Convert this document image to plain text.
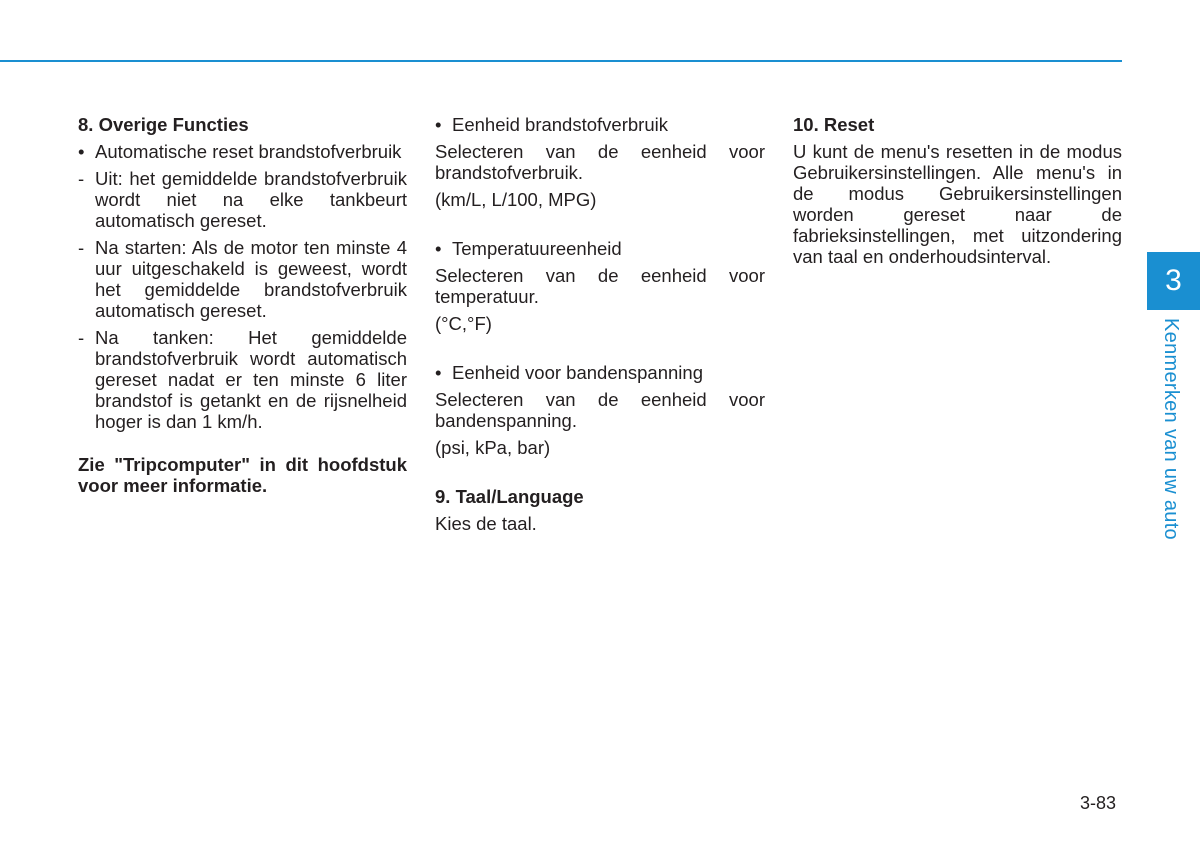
8. Overige Functies
• Automatische reset brandstofverbruik
- Uit: het gemiddelde brandstofverbruik wordt niet na elke tankbeurt automatisch gereset.
- Na starten: Als de motor ten minste 4 uur uitgeschakeld is geweest, wordt het gemiddelde brandstofverbruik automatisch gereset.
- Na tanken: Het gemiddelde brandstofverbruik wordt automatisch gereset nadat er ten minste 6 liter brandstof is getankt en de rijsnelheid hoger is dan 1 km/h.
Zie "Tripcomputer" in dit hoofdstuk voor meer informatie.
• Eenheid brandstofverbruik
Selecteren van de eenheid voor brandstofverbruik.
(km/L, L/100, MPG)
• Temperatuureenheid
Selecteren van de eenheid voor temperatuur.
(°C,°F)
• Eenheid voor bandenspanning
Selecteren van de eenheid voor bandenspanning.
(psi, kPa, bar)
9. Taal/Language
Kies de taal.
10. Reset
U kunt de menu's resetten in de modus Gebruikersinstellingen. Alle menu's in de modus Gebruikersinstellingen worden gereset naar de fabrieksinstellingen, met uitzondering van taal en onderhoudsinterval.
3
Kenmerken van uw auto
3-83
